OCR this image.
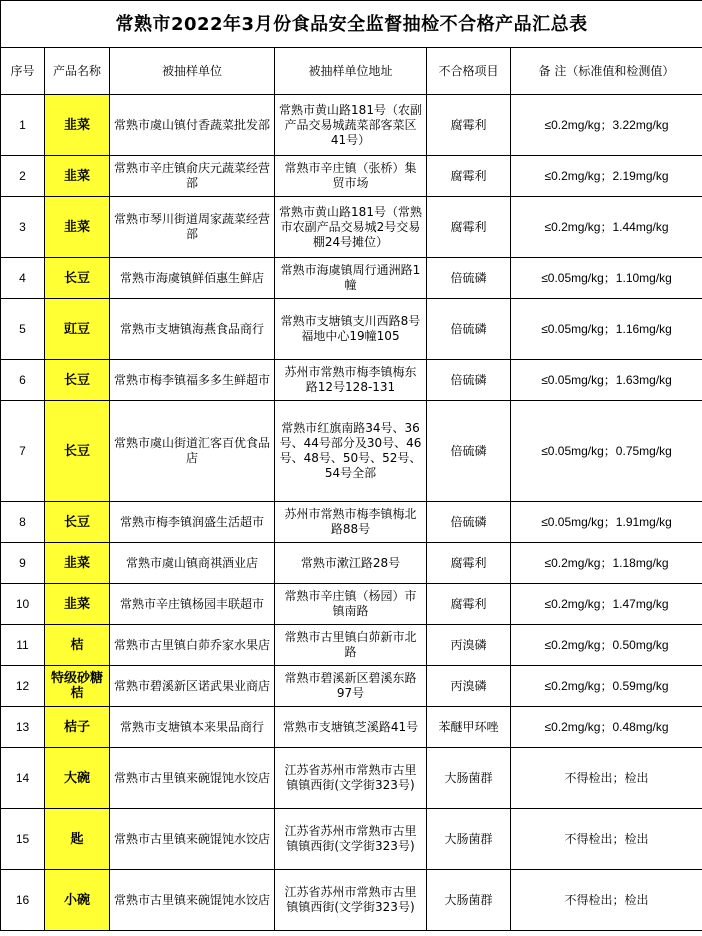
常熟市2022年3月份食品安全监督抽检不合格产品汇总表					
序号	产品名称	被抽样单位	被抽样单位地址	不合格项目	备 注（标准值和检测值）
1	韭菜	常熟市虞山镇付香蔬菜批发部	常熟市黄山路181号（农副产品交易城蔬菜部客菜区41号）	腐霉利	≤0.2mg/kg；3.22mg/kg
2	韭菜	常熟市辛庄镇俞庆元蔬菜经营部	常熟市辛庄镇（张桥）集贸市场	腐霉利	≤0.2mg/kg；2.19mg/kg
3	韭菜	常熟市琴川街道周家蔬菜经营部	常熟市黄山路181号（常熟市农副产品交易城2号交易棚24号摊位）	腐霉利	≤0.2mg/kg；1.44mg/kg
4	长豆	常熟市海虞镇鲜佰惠生鲜店	常熟市海虞镇周行通洲路1幢	倍硫磷	≤0.05mg/kg；1.10mg/kg
5	豇豆	常熟市支塘镇海燕食品商行	常熟市支塘镇支川西路8号福地中心19幢105	倍硫磷	≤0.05mg/kg；1.16mg/kg
6	长豆	常熟市梅李镇福多多生鲜超市	苏州市常熟市梅李镇梅东路12号128-131	倍硫磷	≤0.05mg/kg；1.63mg/kg
7	长豆	常熟市虞山街道汇客百优食品店	常熟市红旗南路34号、36号、44号部分及30号、46号、48号、50号、52号、54号全部	倍硫磷	≤0.05mg/kg；0.75mg/kg
8	长豆	常熟市梅李镇润盛生活超市	苏州市常熟市梅李镇梅北路88号	倍硫磷	≤0.05mg/kg；1.91mg/kg
9	韭菜	常熟市虞山镇商祺酒业店	常熟市漱江路28号	腐霉利	≤0.2mg/kg；1.18mg/kg
10	韭菜	常熟市辛庄镇杨园丰联超市	常熟市辛庄镇（杨园）市镇南路	腐霉利	≤0.2mg/kg；1.47mg/kg
11	桔	常熟市古里镇白茆乔家水果店	常熟市古里镇白茆新市北路	丙溴磷	≤0.2mg/kg；0.50mg/kg
12	特级砂糖桔	常熟市碧溪新区诺武果业商店	常熟市碧溪新区碧溪东路97号	丙溴磷	≤0.2mg/kg；0.59mg/kg
13	桔子	常熟市支塘镇本来果品商行	常熟市支塘镇芝溪路41号	苯醚甲环唑	≤0.2mg/kg；0.48mg/kg
14	大碗	常熟市古里镇来碗馄饨水饺店	江苏省苏州市常熟市古里镇镇西街(文学街323号)	大肠菌群	不得检出；检出
15	匙	常熟市古里镇来碗馄饨水饺店	江苏省苏州市常熟市古里镇镇西街(文学街323号)	大肠菌群	不得检出；检出
16	小碗	常熟市古里镇来碗馄饨水饺店	江苏省苏州市常熟市古里镇镇西街(文学街323号)	大肠菌群	不得检出；检出
